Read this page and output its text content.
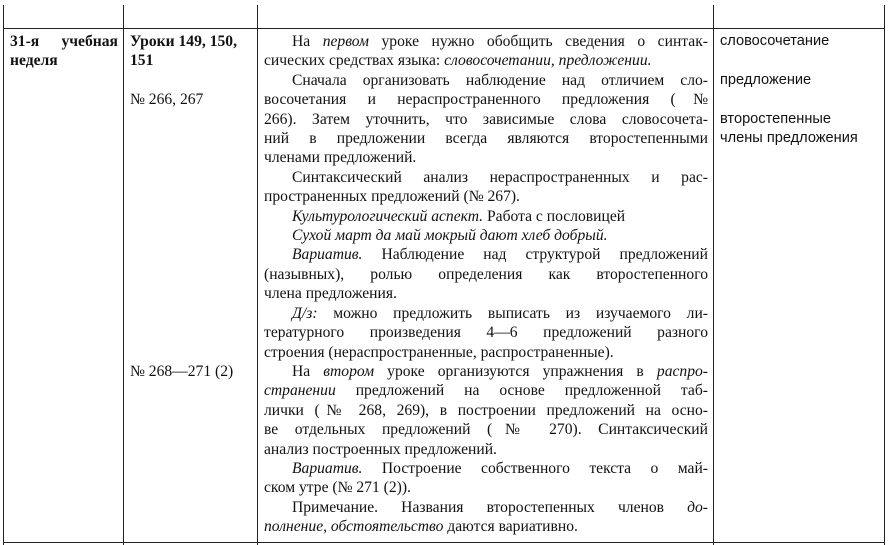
31-я учебная
неделя
Уроки 149, 150,
151
№ 266, 267
№ 268—271 (2)

На первом уроке нужно обобщить сведения о синтак-

сических средствах языка: словосочетании, предложении.

Сначала организовать наблюдение над отличием сло-

восочетания и нераспространенного предложения (№

266). Затем уточнить, что зависимые слова словосочета-

ний в предложении всегда являются второстепенными

членами предложений.

Синтаксический анализ нераспространенных и рас-

пространенных предложений (№ 267).

Культурологический аспект. Работа с пословицей

Сухой март да май мокрый дают хлеб добрый.

Вариатив. Наблюдение над структурой предложений

(назывных), ролью определения как второстепенного

члена предложения.

Д/з: можно предложить выписать из изучаемого ли-

тературного произведения 4—6 предложений разного

строения (нераспространенные, распространенные).

На втором уроке организуются упражнения в распро-

странении предложений на основе предложенной таб-

лички (№ 268, 269), в построении предложений на осно-

ве отдельных предложений (№ 270). Синтаксический

анализ построенных предложений.

Вариатив. Построение собственного текста о май-

ском утре (№ 271 (2)).

Примечание. Названия второстепенных членов до-

полнение, обстоятельство даются вариативно.

словосочетание
предложение
второстепенные
члены предложения
